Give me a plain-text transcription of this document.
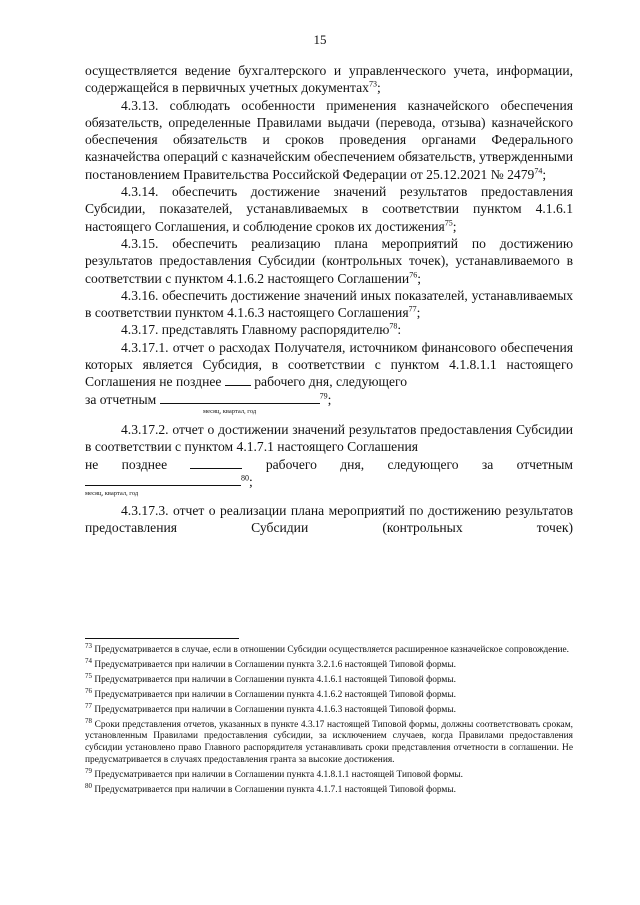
15

осуществляется ведение бухгалтерского и управленческого учета, информации, содержащейся в первичных учетных документах$^{73}$;

4.3.13. соблюдать особенности применения казначейского обеспечения обязательств, определенные Правилами выдачи (перевода, отзыва) казначейского обеспечения обязательств и сроков проведения органами Федерального казначейства операций с казначейским обеспечением обязательств, утвержденными постановлением Правительства Российской Федерации от 25.12.2021 № 2479$^{74}$;

4.3.14. обеспечить достижение значений результатов предоставления Субсидии, показателей, устанавливаемых в соответствии пунктом 4.1.6.1 настоящего Соглашения, и соблюдение сроков их достижения$^{75}$;

4.3.15. обеспечить реализацию плана мероприятий по достижению результатов предоставления Субсидии (контрольных точек), устанавливаемого в соответствии с пунктом 4.1.6.2 настоящего Соглашении$^{76}$;

4.3.16. обеспечить достижение значений иных показателей, устанавливаемых в соответствии пунктом 4.1.6.3 настоящего Соглашения$^{77}$;

4.3.17. представлять Главному распорядителю$^{78}$:

4.3.17.1. отчет о расходах Получателя, источником финансового обеспечения которых является Субсидия, в соответствии с пунктом 4.1.8.1.1 настоящего Соглашения не позднее рабочего дня, следующего

за отчетным	$^{79}$;

месяц, квартал, год

4.3.17.2. отчет о достижении значений результатов предоставления Субсидии в соответствии с пунктом 4.1.7.1 настоящего Соглашения

не позднее	рабочего дня, следующего за отчетным

$^{80}$;

месяц, квартал, год

4.3.17.3. отчет о реализации плана мероприятий по достижению результатов предоставления Субсидии (контрольных точек)

$^{73}$ Предусматривается в случае, если в отношении Субсидии осуществляется расширенное казначейское сопровождение.

$^{74}$ Предусматривается при наличии в Соглашении пункта 3.2.1.6 настоящей Типовой формы.

$^{75}$ Предусматривается при наличии в Соглашении пункта 4.1.6.1 настоящей Типовой формы.

$^{76}$ Предусматривается при наличии в Соглашении пункта 4.1.6.2 настоящей Типовой формы.

$^{77}$ Предусматривается при наличии в Соглашении пункта 4.1.6.3 настоящей Типовой формы.

$^{78}$ Сроки представления отчетов, указанных в пункте 4.3.17 настоящей Типовой формы, должны соответствовать срокам, установленным Правилами предоставления субсидии, за исключением случаев, когда Правилами предоставления субсидии установлено право Главного распорядителя устанавливать сроки представления отчетности в соглашении. Не предусматривается в случаях предоставления гранта за высокие достижения.

$^{79}$ Предусматривается при наличии в Соглашении пункта 4.1.8.1.1 настоящей Типовой формы.

$^{80}$ Предусматривается при наличии в Соглашении пункта 4.1.7.1 настоящей Типовой формы.
